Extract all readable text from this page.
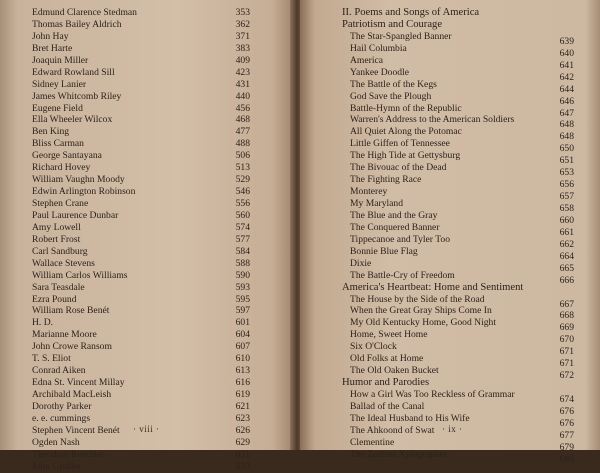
Edmund Clarence Stedman	353
Thomas Bailey Aldrich	362
John Hay	371
Bret Harte	383
Joaquin Miller	409
Edward Rowland Sill	423
Sidney Lanier	431
James Whitcomb Riley	440
Eugene Field	456
Ella Wheeler Wilcox	468
Ben King	477
Bliss Carman	488
George Santayana	506
Richard Hovey	513
William Vaughn Moody	529
Edwin Arlington Robinson	546
Stephen Crane	556
Paul Laurence Dunbar	560
Amy Lowell	574
Robert Frost	577
Carl Sandburg	584
Wallace Stevens	588
William Carlos Williams	590
Sara Teasdale	593
Ezra Pound	595
William Rose Benét	597
H. D.	601
Marianne Moore	604
John Crowe Ransom	607
T. S. Eliot	610
Conrad Aiken	613
Edna St. Vincent Millay	616
Archibald MacLeish	619
Dorothy Parker	621
e. e. cummings	623
Stephen Vincent Benét	626
Ogden Nash	629
Theodore Roethke	631
John Updike	633
· viii ·
II. Poems and Songs of America
Patriotism and Courage
The Star-Spangled Banner	639
Hail Columbia	640
America	641
Yankee Doodle	642
The Battle of the Kegs	644
God Save the Plough	646
Battle-Hymn of the Republic	647
Warren's Address to the American Soldiers	648
All Quiet Along the Potomac	648
Little Giffen of Tennessee	650
The High Tide at Gettysburg	651
The Bivouac of the Dead	653
The Fighting Race	656
Monterey	657
My Maryland	658
The Blue and the Gray	660
The Conquered Banner	661
Tippecanoe and Tyler Too	662
Bonnie Blue Flag	664
Dixie	665
The Battle-Cry of Freedom	666
America's Heartbeat: Home and Sentiment
The House by the Side of the Road	667
When the Great Gray Ships Come In	668
My Old Kentucky Home, Good Night	669
Home, Sweet Home	670
Six O'Clock	671
Old Folks at Home	671
The Old Oaken Bucket	672
Humor and Parodies
How a Girl Was Too Reckless of Grammar	674
Ballad of the Canal	676
The Ideal Husband to His Wife	676
The Ahkoond of Swat	677
Clementine	679
The Zealess Xylographer	680
· ix ·
